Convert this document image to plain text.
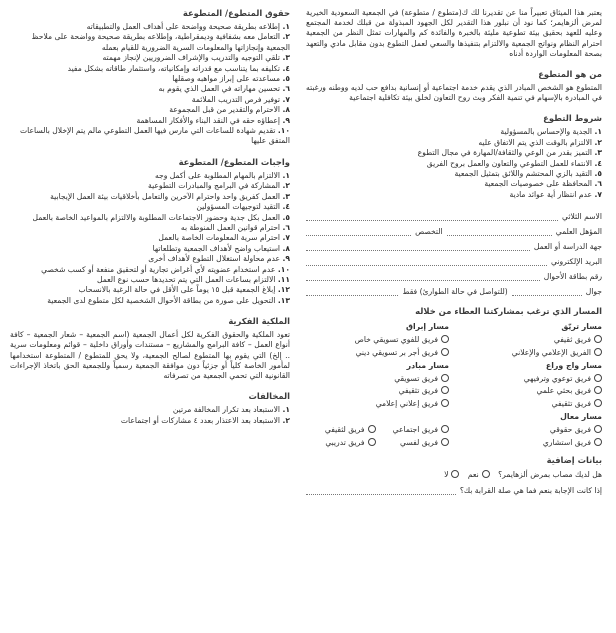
يعتبر هذا الميثاق تعبيراً منا عن تقديرنا لك ك(متطوع / متطوعة) في الجمعية السعودية الخيرية لمرض ألزهايمر؛ كما نود أن نبلور هذا التقدير لكل الجهود المبذولة من قبلك لخدمة المجتمع وعليه للعهد بحقيق بيئة تطوعية مليئة بالخبرة والفائدة كم والمهارات تمثل النظر من الجمعية احترام النظام ونواتج الجمعية والالتزام بتنفيذها والسعي لعمل التطوع بدون مقابل مادي والتعهد بصحة المعلومات الواردة أدناه

من هو المتطوع

المتطوع هو الشخص المبادر الذي يقدم خدمة اجتماعية أو إنسانية بدافع حب لديه ووطنه ورغبته في المبادرة بالإسهام في تنمية الفكر وبث روح التعاون لخلق بيئة تكافلية اجتماعية

شروط التطوع

١. الجدية والإحساس بالمسؤولية

٢. الالتزام بالوقت الذي يتم الاتفاق عليه

٣. التميز بقدر من الوعي والثقافة/المهارة في مجال التطوع

٤. الانتماء للعمل التطوعي والتعاون والعمل بروح الفريق

٥. التقيد بالزي المحتشم واللائق بتمثيل الجمعية

٦. المحافظة على خصوصيات الجمعية

٧. عدم انتظار أية عوائد مادية

الاسم الثلاثي
المؤهل العلمي
التخصص
جهة الدراسة أو العمل
البريد الإلكتروني
رقم بطاقة الأحوال
جوال
(للتواصل في حالة الطوارئ) فقط
المسار الذي ترغب بمشاركتنا العطاء من خلاله
مسار تريّق
فريق ثقيفي
الفريق الإعلامي والإعلاني
مسار إبراق
فريق للفوي تسويقي خاص
فريق أجر بر تسويقي ديني
مسار واج وراع
فريق توعوي وترفيهي
فريق بحثي علمي
فريق تثقيفي
مسار مبادر
فريق تسويقي
فريق تثقيفي
فريق إعلاني إعلامي
مسار معال
فريق حقوقي
فريق استشاري
فريق اجتماعي
فريق لثقيفي
فريق لفسي
فريق تدريبي
بيانات إضافية
هل لديك مصاب بمرض ألزهايمر؟ نعم لا
إذا كانت الإجابة بنعم فما هي صلة القرابة بك؟
حقوق المتطوع/ المتطوعة

١. إطلاعه بطريقة صحيحة وواضحة على أهداف العمل والتطبيقاته

٢. التعامل معه بشفافية وديمقراطية، وإطلاعه بطريقة صحيحة وواضحة على ملاحظ الجمعية وإنجازاتها والمعلومات السرية الضرورية للقيام بعمله

٣. تلقي التوجيه والتدريب والإشراف الضروريين لإنجاز مهمته

٤. تكليفه بما يتناسب مع قدراته وإمكانياته، واستثمار طاقاته بشكل مفيد

٥. مساعدته على إبراز مواهبه وصقلها

٦. تحسين مهاراته في العمل الذي يقوم به

٧. توفير فرص التدريب الملائمة

٨. الاحترام والتقدير من قبل المجموعة

٩. إعطاؤه حقه في النقد البناء والأفكار المساهمة

١٠. تقديم شهادة للساعات التي مارس فيها العمل التطوعي مالم يتم الإخلال بالساعات المتفق عليها

واجبات المتطوع/ المتطوعة

١. الالتزام بالمهام المطلوبة على أكمل وجه

٢. المشاركة في البرامج والمبادرات التطوعية

٣. العمل كفريق واحد واحترام الآخرين والتعامل بأخلاقيات بيئة العمل الإيجابية

٤. التقيد لتوجيهات المسؤولين

٥. العمل بكل جدية وحضور الاجتماعات المطلوبة والالتزام بالمواعيد الخاصة بالعمل

٦. احترام قوانين العمل المنوطة به

٧. احترام سرية المعلومات الخاصة بالعمل

٨. استيعاب واضح لأهداف الجمعية وتطلعاتها

٩. عدم محاولة استغلال التطوع لأهداف أخرى

١٠. عدم استخدام عضويته لأي أغراض تجارية أو لتحقيق منفعة أو كسب شخصي

١١. الالتزام بساعات العمل التي يتم تحديدها حسب نوع العمل

١٢. إبلاغ الجمعية قبل ١٥ يوماً على الأقل في حالة الرغبة بالانسحاب

١٣. التحويل على صورة من بطاقة الأحوال الشخصية لكل متطوع لدى الجمعية

الملكية الفكرية

تعود الملكية والحقوق الفكرية لكل أعمال الجمعية (اسم الجمعية – شعار الجمعية – كافة أنواع العمل – كافة البرامج والمشاريع – مستندات وأوراق داخلية – قوائم ومعلومات سرية .. إلخ) التي يقوم بها المتطوع لصالح الجمعية، ولا يحق للمتطوع / المتطوعة استخدامها لمأمور الخاصة كلياً أو جزئياً دون موافقة الجمعية رسمياً وللجمعية الحق باتخاذ الإجراءات القانونية التي تحمي الجمعية من تصرفاته

المخالفات

١. الاستبعاد بعد تكرار المخالفة مرتين

٢. الاستبعاد بعد الاعتذار بعدد ٤ مشاركات أو اجتماعات
